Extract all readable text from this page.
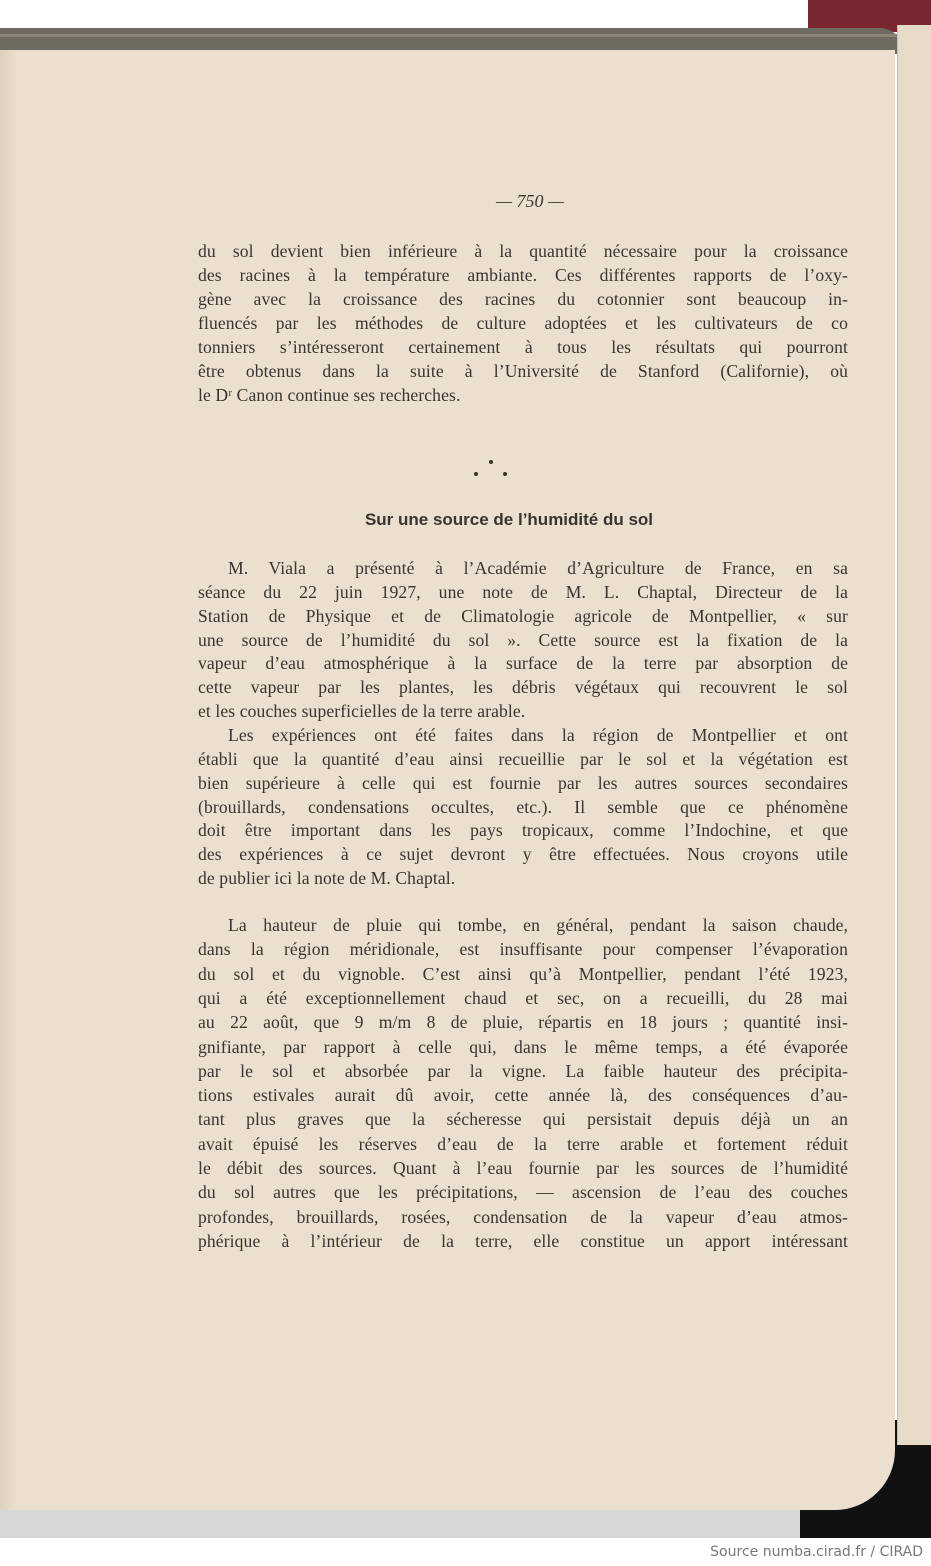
— 750 —
du sol devient bien inférieure à la quantité nécessaire pour la croissance
des racines à la température ambiante. Ces différentes rapports de l’oxy-
gène avec la croissance des racines du cotonnier sont beaucoup in-
fluencés par les méthodes de culture adoptées et les cultivateurs de co
tonniers s’intéresseront certainement à tous les résultats qui pourront
être obtenus dans la suite à l’Université de Stanford (Californie), où
le Dʳ Canon continue ses recherches.
Sur une source de l’humidité du sol
M. Viala a présenté à l’Académie d’Agriculture de France, en sa
séance du 22 juin 1927, une note de M. L. Chaptal, Directeur de la
Station de Physique et de Climatologie agricole de Montpellier, « sur
une source de l’humidité du sol ». Cette source est la fixation de la
vapeur d’eau atmosphérique à la surface de la terre par absorption de
cette vapeur par les plantes, les débris végétaux qui recouvrent le sol
et les couches superficielles de la terre arable.
Les expériences ont été faites dans la région de Montpellier et ont
établi que la quantité d’eau ainsi recueillie par le sol et la végétation est
bien supérieure à celle qui est fournie par les autres sources secondaires
(brouillards, condensations occultes, etc.). Il semble que ce phénomène
doit être important dans les pays tropicaux, comme l’Indochine, et que
des expériences à ce sujet devront y être effectuées. Nous croyons utile
de publier ici la note de M. Chaptal.
La hauteur de pluie qui tombe, en général, pendant la saison chaude,
dans la région méridionale, est insuffisante pour compenser l’évaporation
du sol et du vignoble. C’est ainsi qu’à Montpellier, pendant l’été 1923,
qui a été exceptionnellement chaud et sec, on a recueilli, du 28 mai
au 22 août, que 9 m/m 8 de pluie, répartis en 18 jours ; quantité insi-
gnifiante, par rapport à celle qui, dans le même temps, a été évaporée
par le sol et absorbée par la vigne. La faible hauteur des précipita-
tions estivales aurait dû avoir, cette année là, des conséquences d’au-
tant plus graves que la sécheresse qui persistait depuis déjà un an
avait épuisé les réserves d’eau de la terre arable et fortement réduit
le débit des sources. Quant à l’eau fournie par les sources de l’humidité
du sol autres que les précipitations, — ascension de l’eau des couches
profondes, brouillards, rosées, condensation de la vapeur d’eau atmos-
phérique à l’intérieur de la terre, elle constitue un apport intéressant
Source numba.cirad.fr / CIRAD
